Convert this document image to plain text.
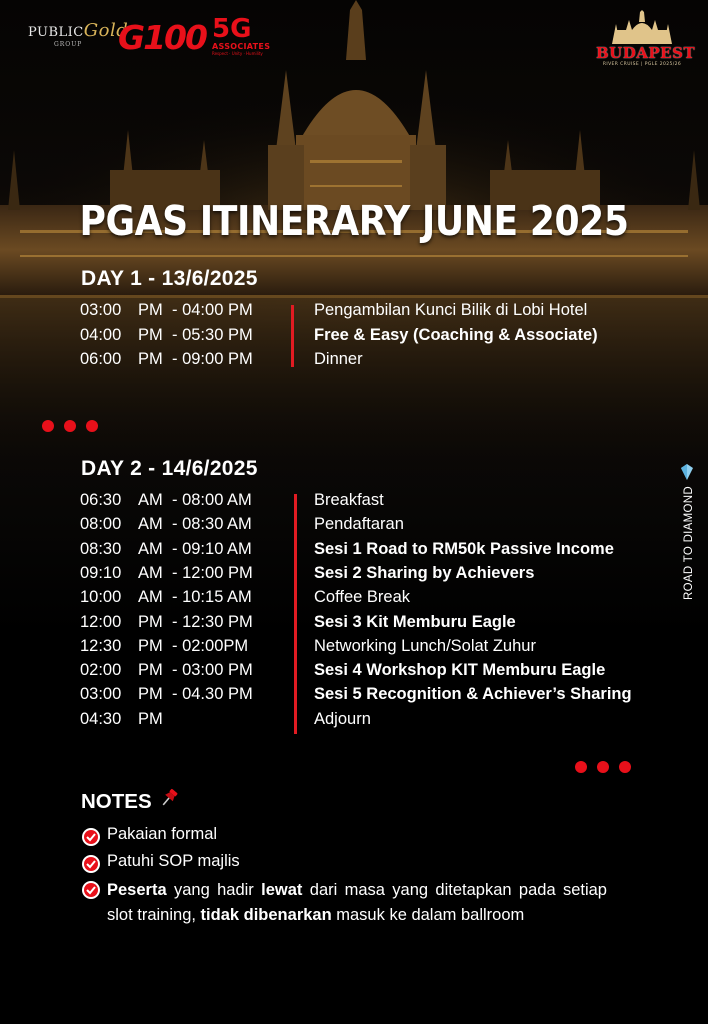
PUBLICGold
GROUP	G100 5G
ASSOCIATES
Respect · Unity · Humility	BUDAPEST
RIVER CRUISE | PGLE 2025/26
PGAS ITINERARY JUNE 2025
DAY 1 - 13/6/2025
03:00 PM - 04:00 PM	Pengambilan Kunci Bilik di Lobi Hotel
04:00 PM - 05:30 PM	Free & Easy (Coaching & Associate)
06:00 PM - 09:00 PM	Dinner
DAY 2 - 14/6/2025
06:30 AM - 08:00 AM	Breakfast
08:00 AM - 08:30 AM	Pendaftaran
08:30 AM - 09:10 AM	Sesi 1 Road to RM50k Passive Income
09:10 AM - 12:00 PM	Sesi 2 Sharing by Achievers
10:00 AM - 10:15 AM	Coffee Break
12:00 PM - 12:30 PM	Sesi 3 Kit Memburu Eagle
12:30 PM - 02:00PM	Networking Lunch/Solat Zuhur
02:00 PM - 03:00 PM	Sesi 4 Workshop KIT Memburu Eagle
03:00 PM - 04.30 PM	Sesi 5 Recognition & Achiever’s Sharing
04:30 PM	Adjourn
ROAD TO DIAMOND
NOTES
Pakaian formal
Patuhi SOP majlis
Peserta yang hadir lewat dari masa yang ditetapkan pada setiap slot training, tidak dibenarkan masuk ke dalam ballroom
